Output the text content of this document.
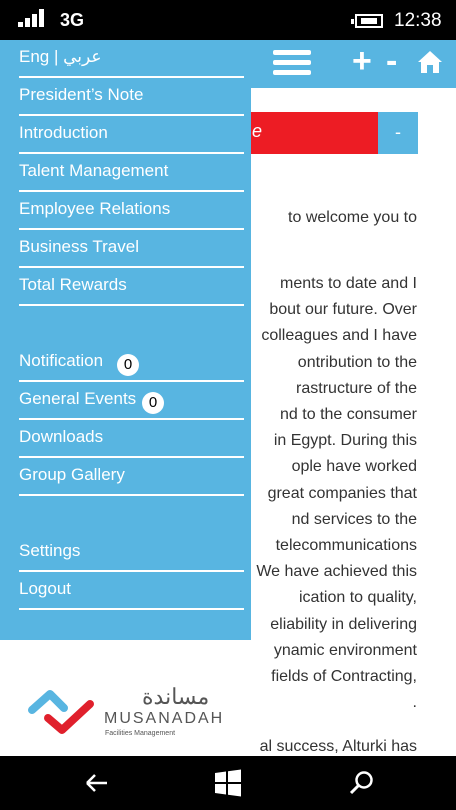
3G	12:38
+ -
e	-
to welcome you to
ments to date and I
bout our future. Over
colleagues and I have
ontribution to the
rastructure of the
nd to the consumer
in Egypt. During this
ople have worked
great companies that
nd services to the
telecommunications
We have achieved this
ication to quality,
eliability in delivering
ynamic environment
fields of Contracting,
.
al success, Alturki has
مساندة
MUSANADAH
Facilities Management
Eng | عربي
President’s Note
Introduction
Talent Management
Employee Relations
Business Travel
Total Rewards
Notification	0
General Events 0
Downloads
Group Gallery
Settings
Logout
